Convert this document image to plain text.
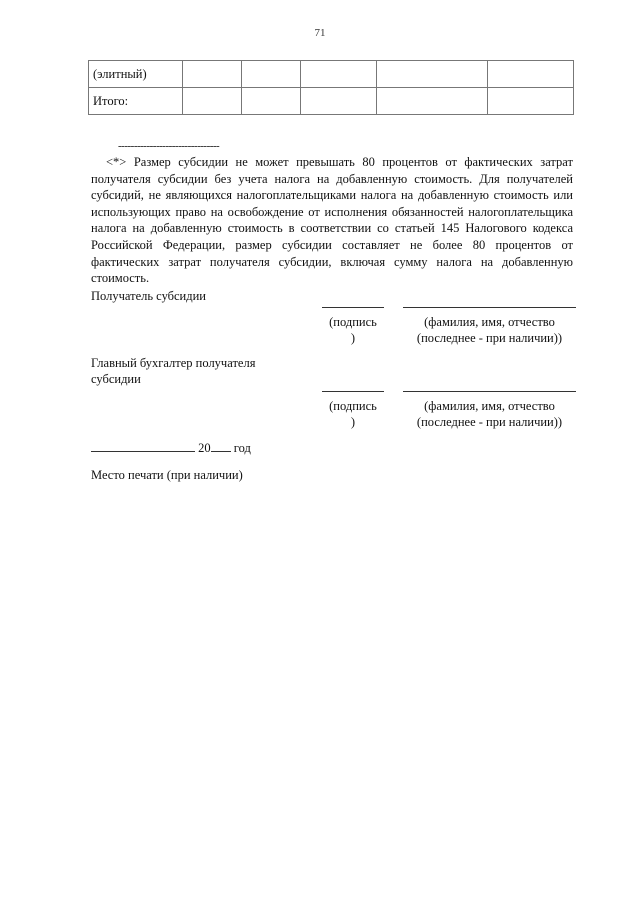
71
(элитный)					
Итого:					
--------------------------------
<*> Размер субсидии не может превышать 80 процентов от фактических затрат получателя субсидии без учета налога на добавленную стоимость. Для получателей субсидий, не являющихся налогоплательщиками налога на добавленную стоимость или использующих право на освобождение от исполнения обязанностей налогоплательщика налога на добавленную стоимость в соответствии со статьей 145 Налогового кодекса Российской Федерации, размер субсидии составляет не более 80 процентов от фактических затрат получателя субсидии, включая сумму налога на добавленную стоимость.
Получатель субсидии
(подпись
)
(фамилия, имя, отчество
(последнее - при наличии))
Главный бухгалтер получателя
субсидии
(подпись
)
(фамилия, имя, отчество
(последнее - при наличии))
20 год
Место печати (при наличии)
